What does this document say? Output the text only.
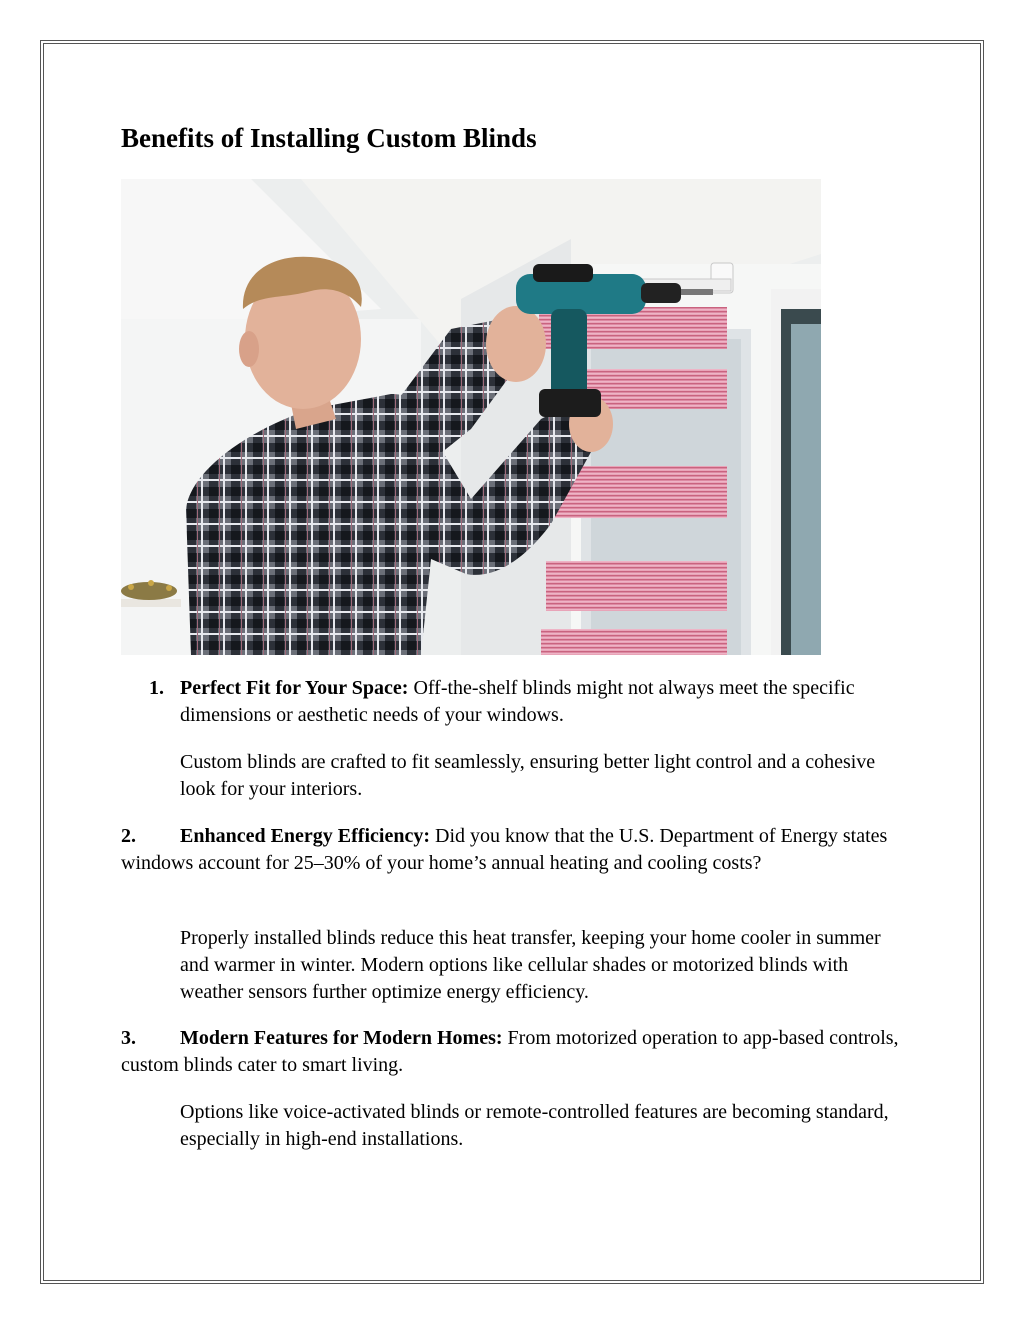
Benefits of Installing Custom Blinds
1. Perfect Fit for Your Space: Off-the-shelf blinds might not always meet the specific dimensions or aesthetic needs of your windows.

Custom blinds are crafted to fit seamlessly, ensuring better light control and a cohesive look for your interiors.

2. Enhanced Energy Efficiency: Did you know that the U.S. Department of Energy states windows account for 25–30% of your home’s annual heating and cooling costs?

Properly installed blinds reduce this heat transfer, keeping your home cooler in summer and warmer in winter. Modern options like cellular shades or motorized blinds with weather sensors further optimize energy efficiency.

3. Modern Features for Modern Homes: From motorized operation to app-based controls, custom blinds cater to smart living.

Options like voice-activated blinds or remote-controlled features are becoming standard, especially in high-end installations.
